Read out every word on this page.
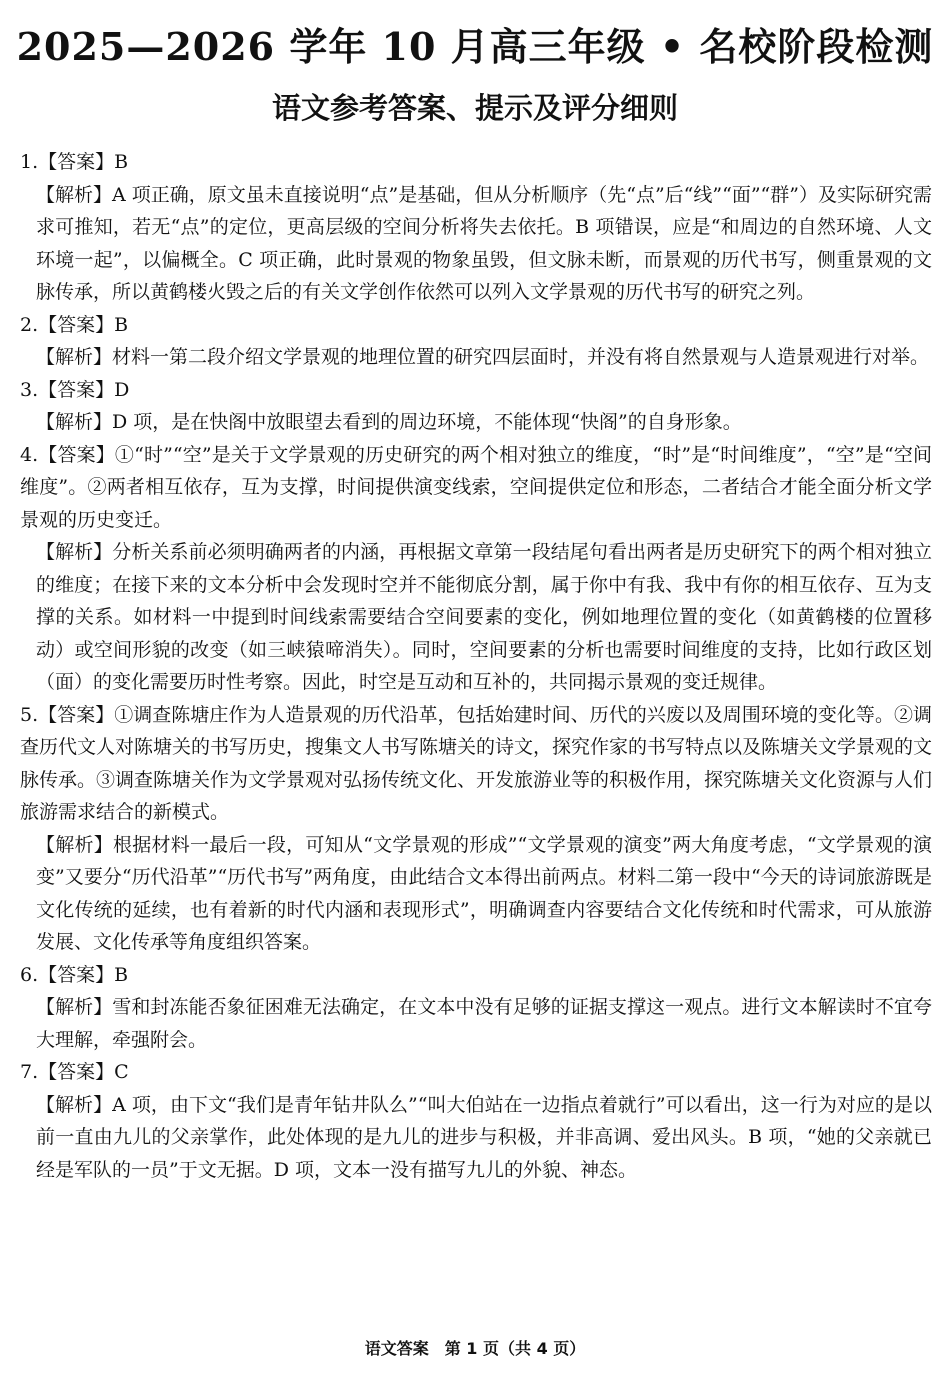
2025—2026 学年 10 月高三年级 • 名校阶段检测
语文参考答案、提示及评分细则
1.【答案】B
【解析】A 项正确，原文虽未直接说明“点”是基础，但从分析顺序（先“点”后“线”“面”“群”）及实际研究需求可推知，若无“点”的定位，更高层级的空间分析将失去依托。B 项错误，应是“和周边的自然环境、人文环境一起”，以偏概全。C 项正确，此时景观的物象虽毁，但文脉未断，而景观的历代书写，侧重景观的文脉传承，所以黄鹤楼火毁之后的有关文学创作依然可以列入文学景观的历代书写的研究之列。
2.【答案】B
【解析】材料一第二段介绍文学景观的地理位置的研究四层面时，并没有将自然景观与人造景观进行对举。
3.【答案】D
【解析】D 项，是在快阁中放眼望去看到的周边环境，不能体现“快阁”的自身形象。
4.【答案】①“时”“空”是关于文学景观的历史研究的两个相对独立的维度，“时”是“时间维度”，“空”是“空间维度”。②两者相互依存，互为支撑，时间提供演变线索，空间提供定位和形态，二者结合才能全面分析文学景观的历史变迁。
【解析】分析关系前必须明确两者的内涵，再根据文章第一段结尾句看出两者是历史研究下的两个相对独立的维度；在接下来的文本分析中会发现时空并不能彻底分割，属于你中有我、我中有你的相互依存、互为支撑的关系。如材料一中提到时间线索需要结合空间要素的变化，例如地理位置的变化（如黄鹤楼的位置移动）或空间形貌的改变（如三峡猿啼消失）。同时，空间要素的分析也需要时间维度的支持，比如行政区划（面）的变化需要历时性考察。因此，时空是互动和互补的，共同揭示景观的变迁规律。
5.【答案】①调查陈塘庄作为人造景观的历代沿革，包括始建时间、历代的兴废以及周围环境的变化等。②调查历代文人对陈塘关的书写历史，搜集文人书写陈塘关的诗文，探究作家的书写特点以及陈塘关文学景观的文脉传承。③调查陈塘关作为文学景观对弘扬传统文化、开发旅游业等的积极作用，探究陈塘关文化资源与人们旅游需求结合的新模式。
【解析】根据材料一最后一段，可知从“文学景观的形成”“文学景观的演变”两大角度考虑，“文学景观的演变”又要分“历代沿革”“历代书写”两角度，由此结合文本得出前两点。材料二第一段中“今天的诗词旅游既是文化传统的延续，也有着新的时代内涵和表现形式”，明确调查内容要结合文化传统和时代需求，可从旅游发展、文化传承等角度组织答案。
6.【答案】B
【解析】雪和封冻能否象征困难无法确定，在文本中没有足够的证据支撑这一观点。进行文本解读时不宜夸大理解，牵强附会。
7.【答案】C
【解析】A 项，由下文“我们是青年钻井队么”“叫大伯站在一边指点着就行”可以看出，这一行为对应的是以前一直由九儿的父亲掌作，此处体现的是九儿的进步与积极，并非高调、爱出风头。B 项，“她的父亲就已经是军队的一员”于文无据。D 项，文本一没有描写九儿的外貌、神态。
语文答案　第 1 页（共 4 页）
